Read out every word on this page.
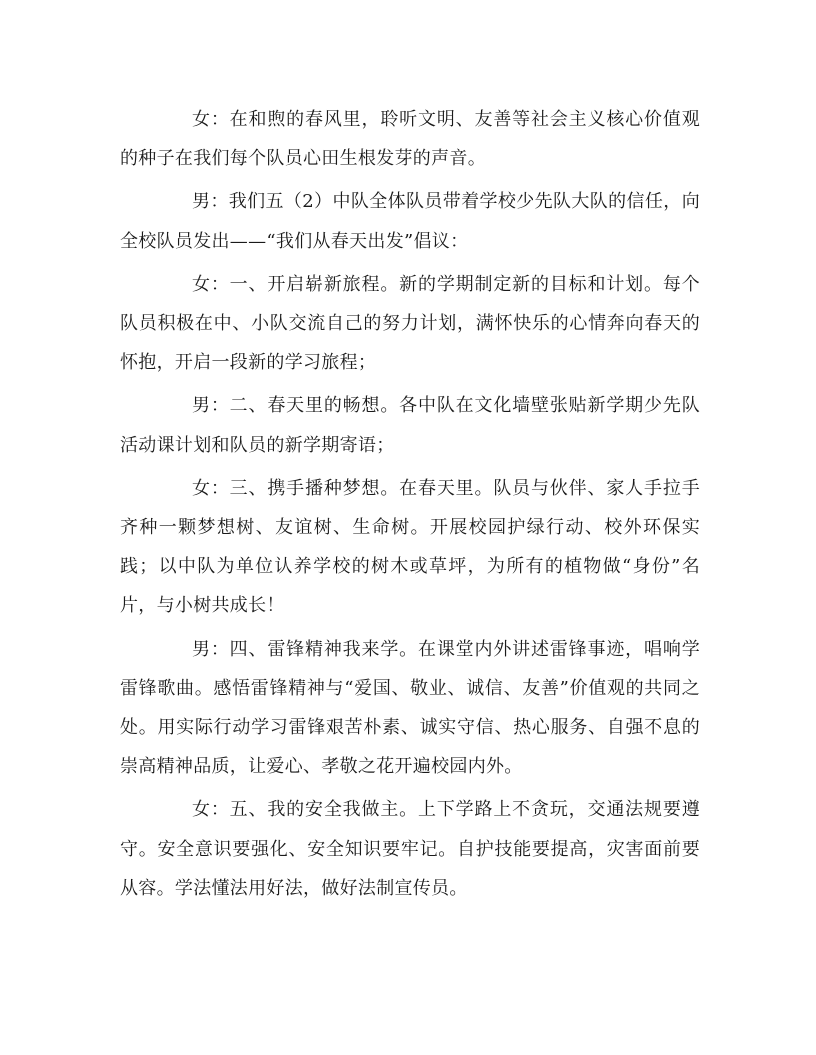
女：在和煦的春风里，聆听文明、友善等社会主义核心价值观的种子在我们每个队员心田生根发芽的声音。

男：我们五（2）中队全体队员带着学校少先队大队的信任，向全校队员发出——“我们从春天出发”倡议：

女：一、开启崭新旅程。新的学期制定新的目标和计划。每个队员积极在中、小队交流自己的努力计划，满怀快乐的心情奔向春天的怀抱，开启一段新的学习旅程；

男：二、春天里的畅想。各中队在文化墙壁张贴新学期少先队活动课计划和队员的新学期寄语；

女：三、携手播种梦想。在春天里。队员与伙伴、家人手拉手齐种一颗梦想树、友谊树、生命树。开展校园护绿行动、校外环保实践；以中队为单位认养学校的树木或草坪，为所有的植物做“身份”名片，与小树共成长！

男：四、雷锋精神我来学。在课堂内外讲述雷锋事迹，唱响学雷锋歌曲。感悟雷锋精神与“爱国、敬业、诚信、友善”价值观的共同之处。用实际行动学习雷锋艰苦朴素、诚实守信、热心服务、自强不息的崇高精神品质，让爱心、孝敬之花开遍校园内外。

女：五、我的安全我做主。上下学路上不贪玩，交通法规要遵守。安全意识要强化、安全知识要牢记。自护技能要提高，灾害面前要从容。学法懂法用好法，做好法制宣传员。
